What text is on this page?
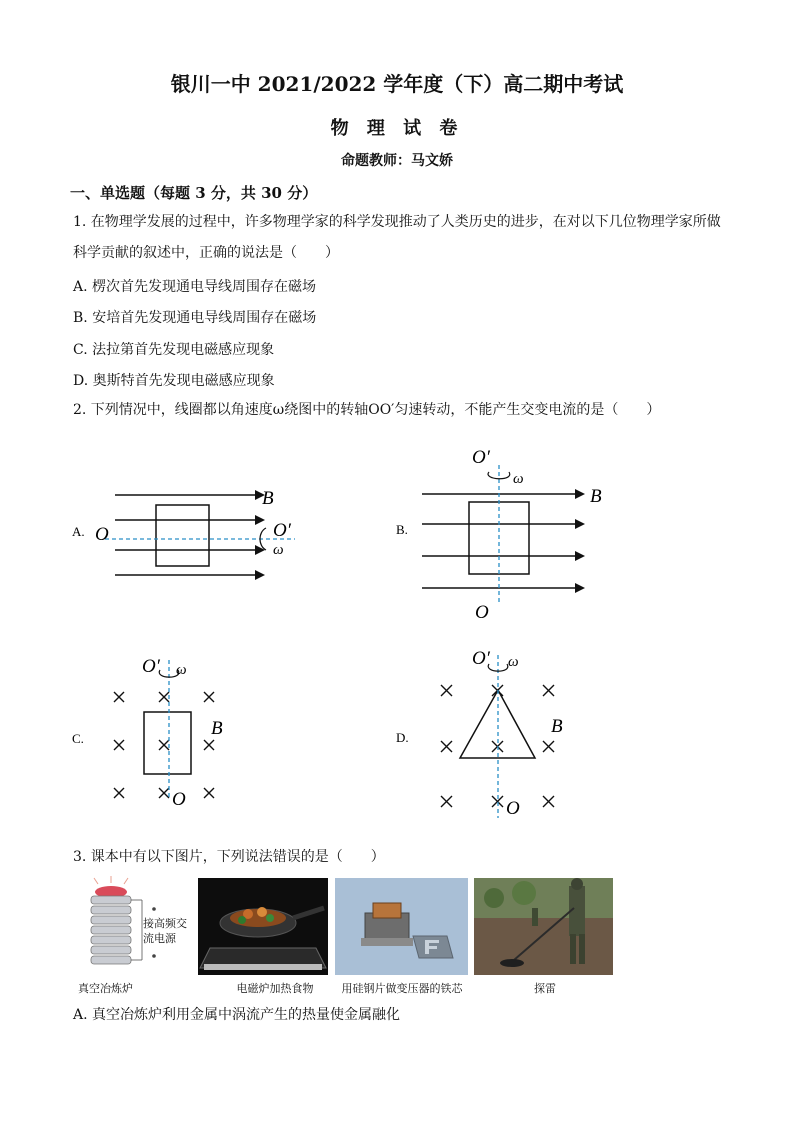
银川一中 2021/2022 学年度（下）高二期中考试
物 理 试 卷
命题教师：马文娇
一、单选题（每题 3 分，共 30 分）
1. 在物理学发展的过程中，许多物理学家的科学发现推动了人类历史的进步，在对以下几位物理学家所做
科学贡献的叙述中，正确的说法是（　　）
A. 楞次首先发现通电导线周围存在磁场
B. 安培首先发现通电导线周围存在磁场
C. 法拉第首先发现电磁感应现象
D. 奥斯特首先发现电磁感应现象
2. 下列情况中，线圈都以角速度ω绕图中的转轴OO′匀速转动，不能产生交变电流的是（　　）
A. O	O′
ω
B
B.
O′
ω
O
B
C.
O′ ω
O
B	D.
O′ ω
O
B
3. 课本中有以下图片，下列说法错误的是（　　）
接高频交流电源
真空冶炼炉	电磁炉加热食物	用硅钢片做变压器的铁芯	探雷
A. 真空冶炼炉利用金属中涡流产生的热量使金属融化
